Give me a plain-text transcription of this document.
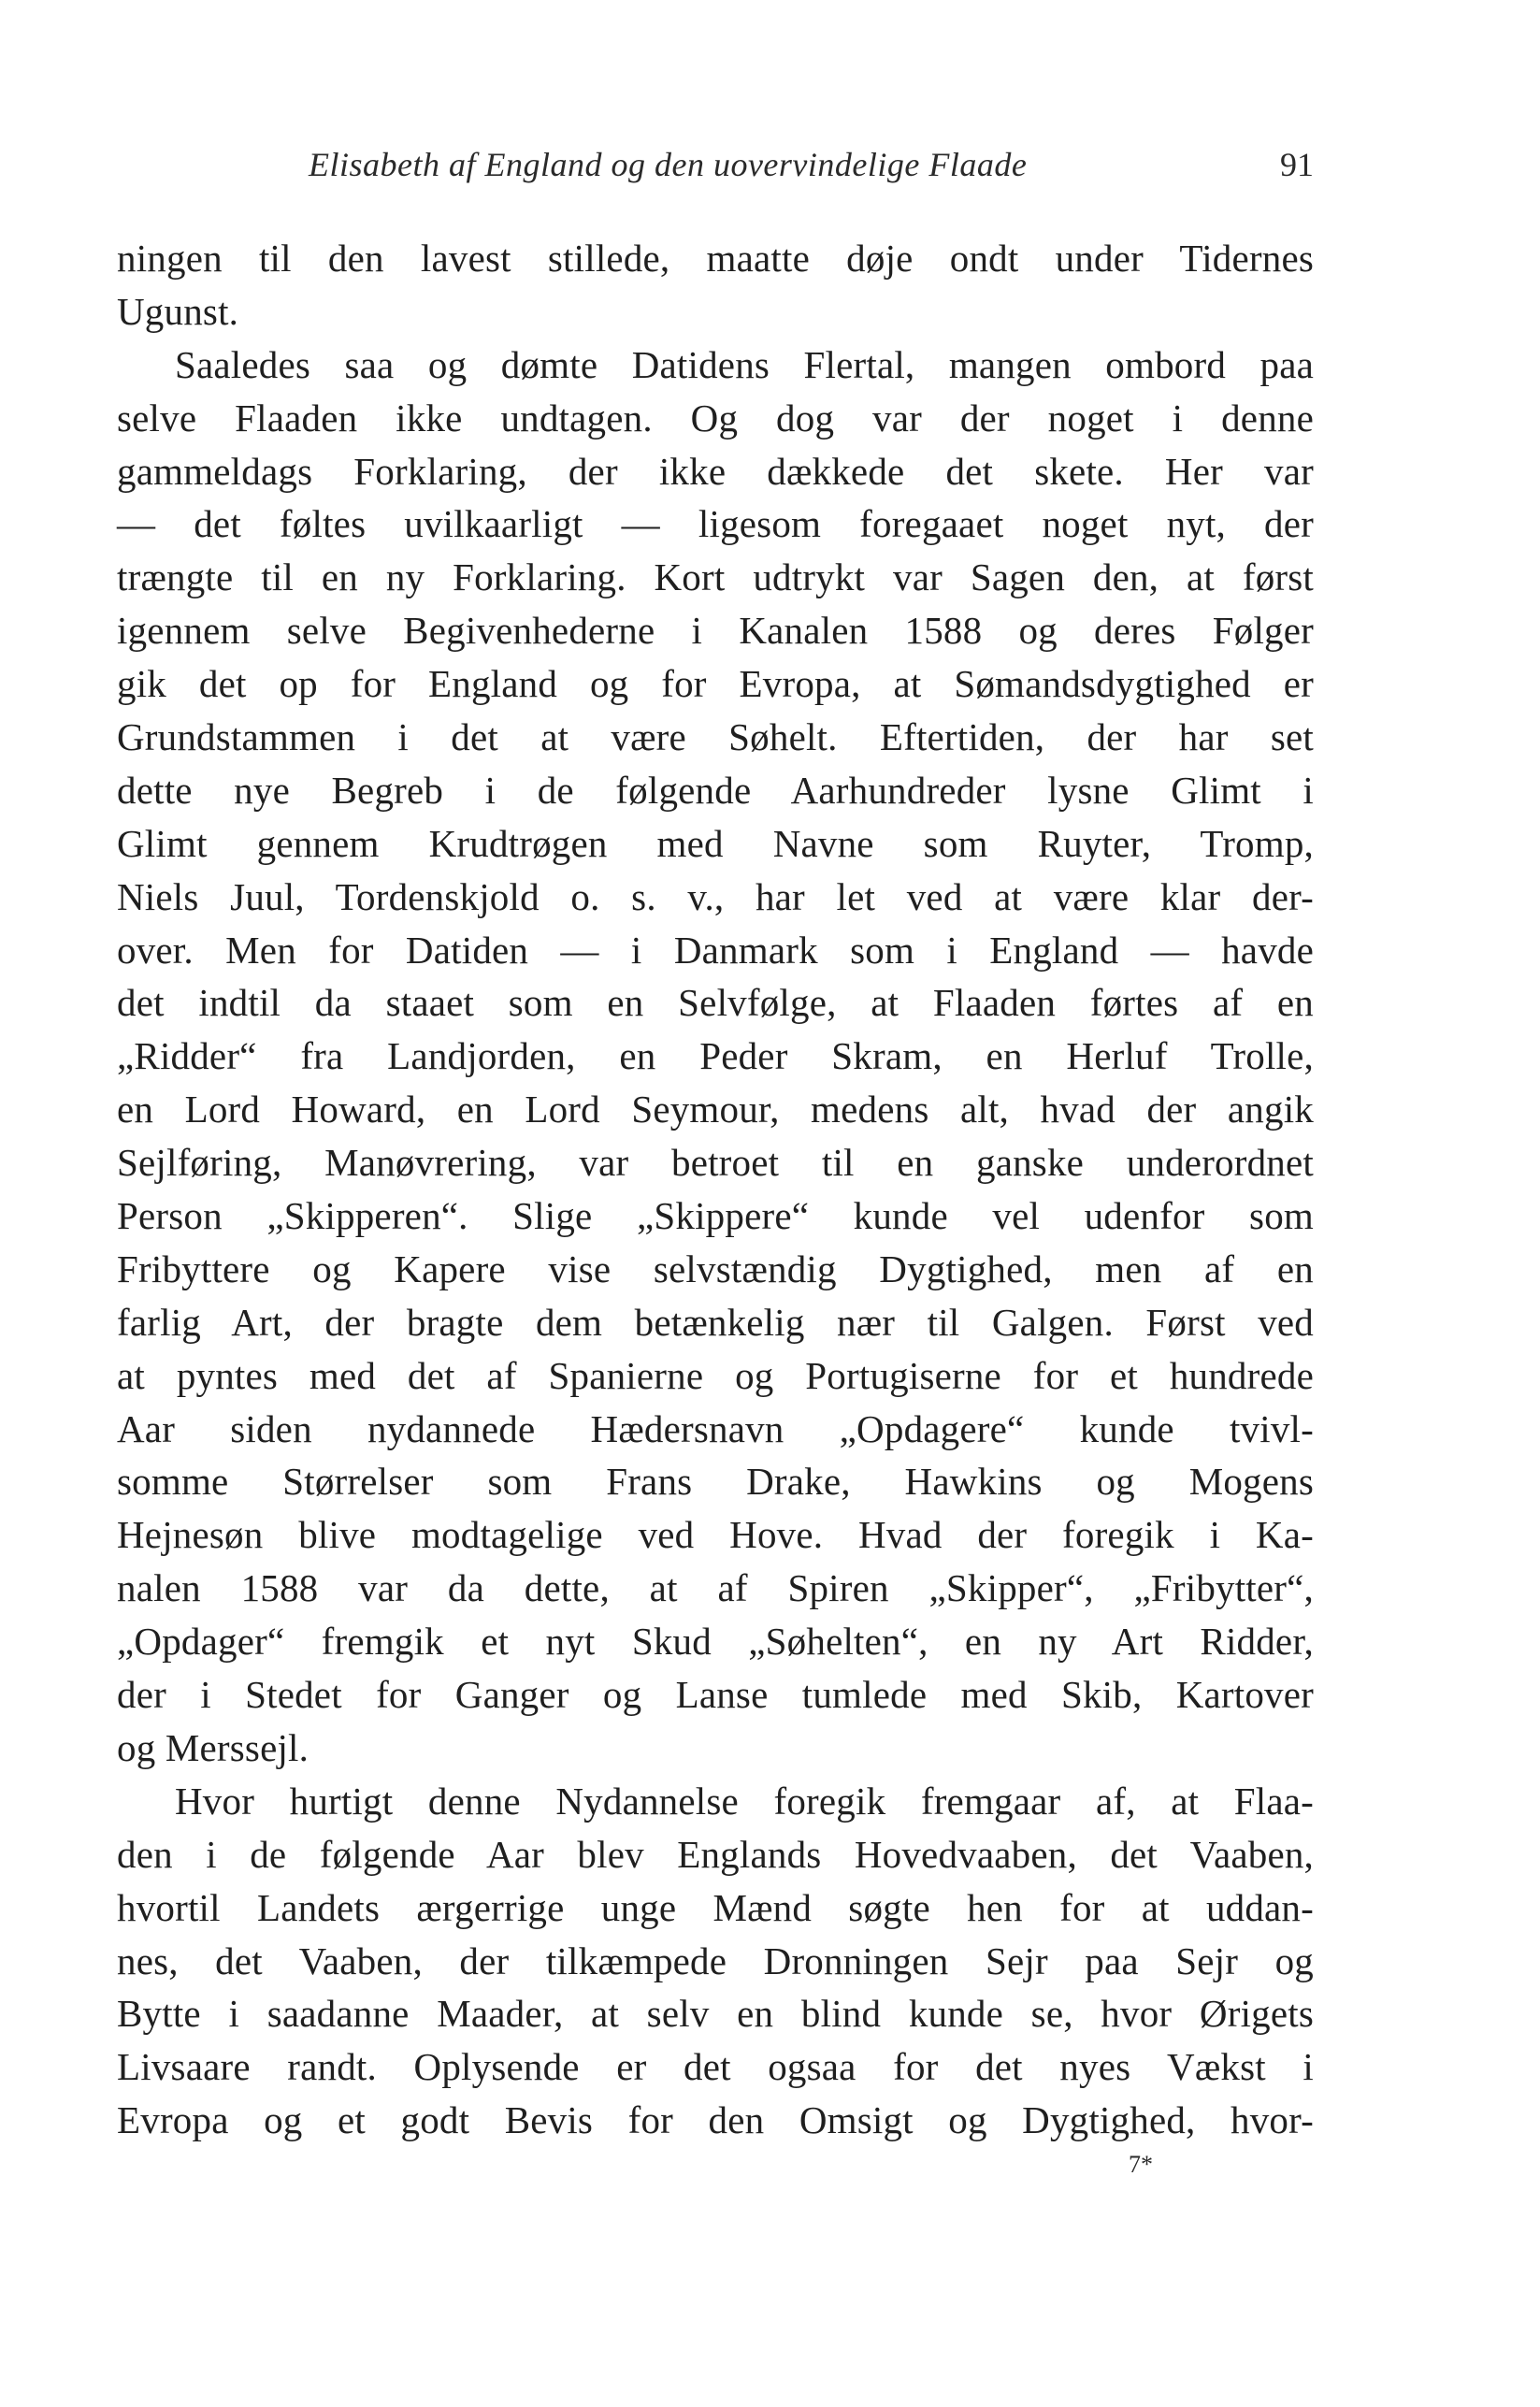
Elisabeth af England og den uovervindelige Flaade	91
ningen til den lavest stillede, maatte døje ondt under Tidernes
Ugunst.
Saaledes saa og dømte Datidens Flertal, mangen ombord paa
selve Flaaden ikke undtagen. Og dog var der noget i denne
gammeldags Forklaring, der ikke dækkede det skete. Her var
— det føltes uvilkaarligt — ligesom foregaaet noget nyt, der
trængte til en ny Forklaring. Kort udtrykt var Sagen den, at først
igennem selve Begivenhederne i Kanalen 1588 og deres Følger
gik det op for England og for Evropa, at Sømandsdygtighed er
Grundstammen i det at være Søhelt. Eftertiden, der har set
dette nye Begreb i de følgende Aarhundreder lysne Glimt i
Glimt gennem Krudtrøgen med Navne som Ruyter, Tromp,
Niels Juul, Tordenskjold o. s. v., har let ved at være klar der-
over. Men for Datiden — i Danmark som i England — havde
det indtil da staaet som en Selvfølge, at Flaaden førtes af en
„Ridder“ fra Landjorden, en Peder Skram, en Herluf Trolle,
en Lord Howard, en Lord Seymour, medens alt, hvad der angik
Sejlføring, Manøvrering, var betroet til en ganske underordnet
Person „Skipperen“. Slige „Skippere“ kunde vel udenfor som
Fribyttere og Kapere vise selvstændig Dygtighed, men af en
farlig Art, der bragte dem betænkelig nær til Galgen. Først ved
at pyntes med det af Spanierne og Portugiserne for et hundrede
Aar siden nydannede Hædersnavn „Opdagere“ kunde tvivl-
somme Størrelser som Frans Drake, Hawkins og Mogens
Hejnesøn blive modtagelige ved Hove. Hvad der foregik i Ka-
nalen 1588 var da dette, at af Spiren „Skipper“, „Fribytter“,
„Opdager“ fremgik et nyt Skud „Søhelten“, en ny Art Ridder,
der i Stedet for Ganger og Lanse tumlede med Skib, Kartover
og Merssejl.
Hvor hurtigt denne Nydannelse foregik fremgaar af, at Flaa-
den i de følgende Aar blev Englands Hovedvaaben, det Vaaben,
hvortil Landets ærgerrige unge Mænd søgte hen for at uddan-
nes, det Vaaben, der tilkæmpede Dronningen Sejr paa Sejr og
Bytte i saadanne Maader, at selv en blind kunde se, hvor Ørigets
Livsaare randt. Oplysende er det ogsaa for det nyes Vækst i
Evropa og et godt Bevis for den Omsigt og Dygtighed, hvor-
7*
